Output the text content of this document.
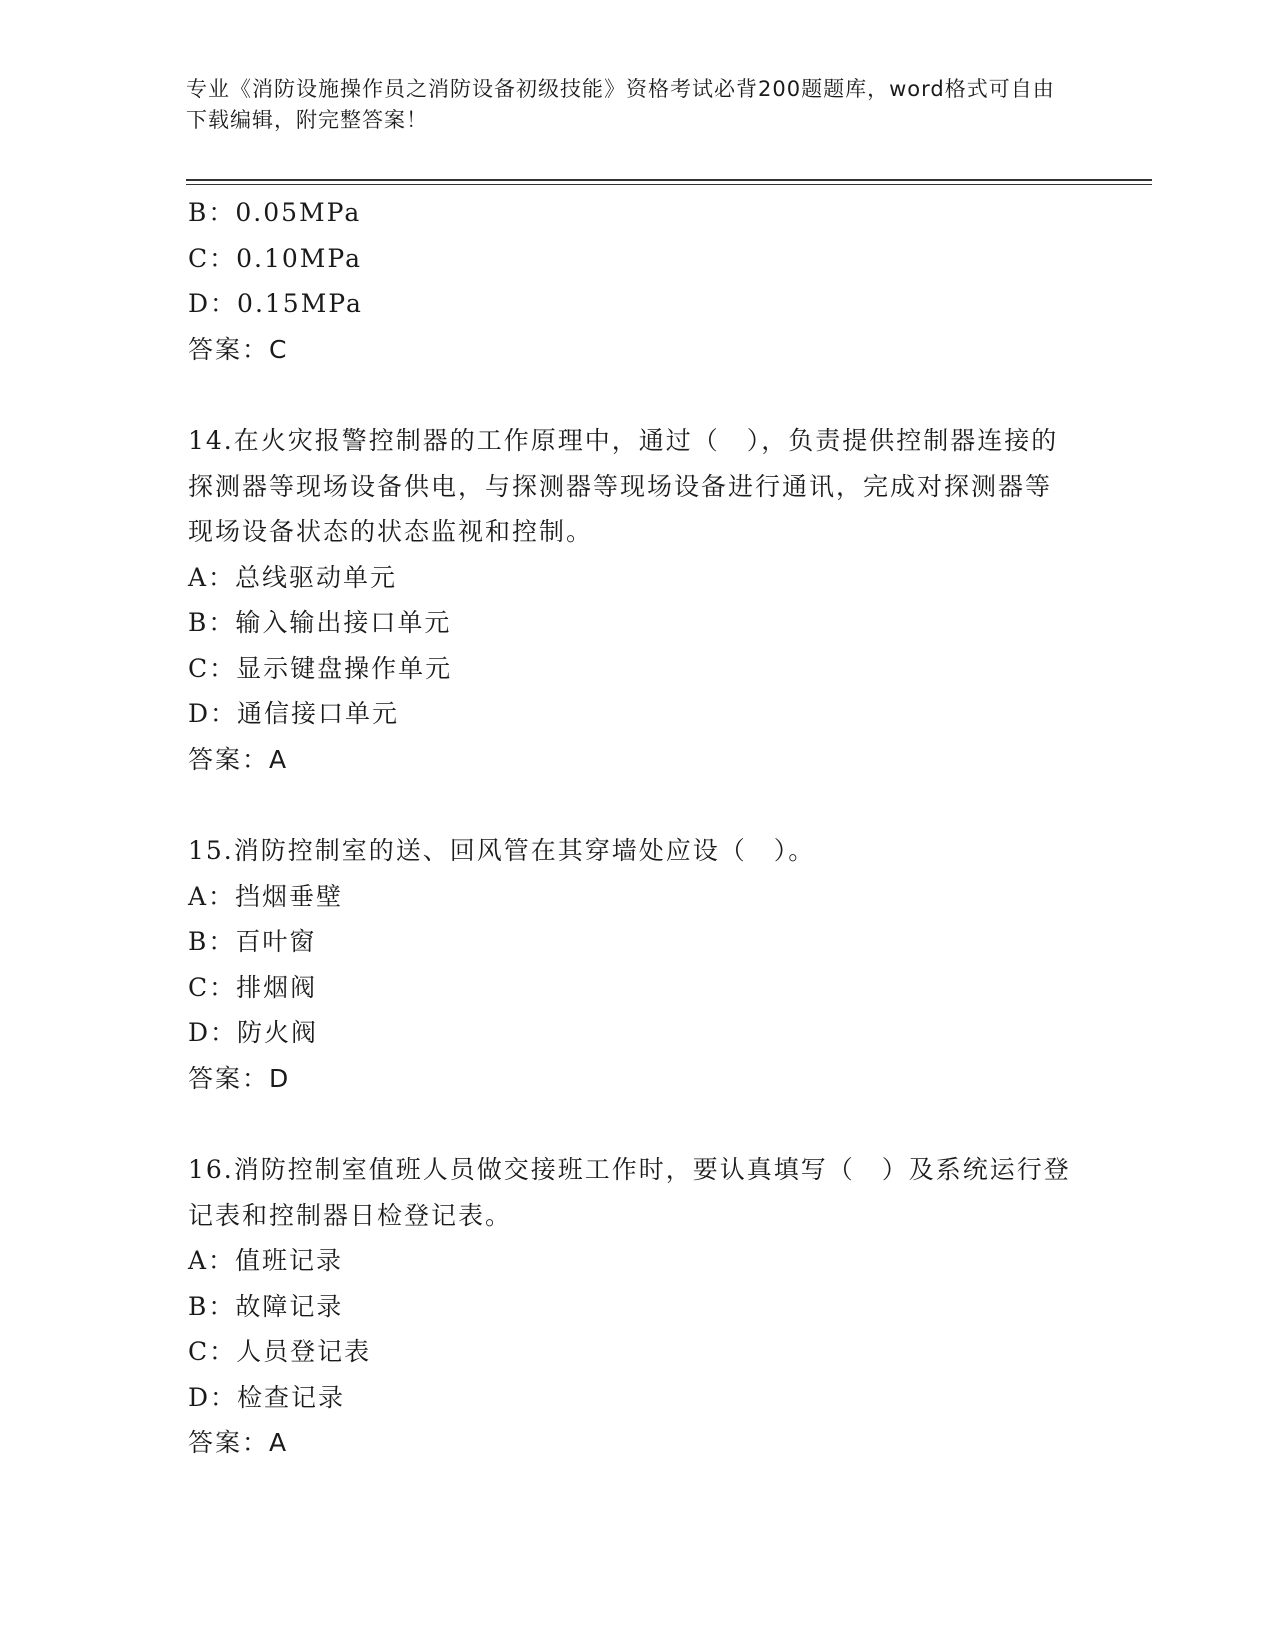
专业《消防设施操作员之消防设备初级技能》资格考试必背200题题库，word格式可自由下载编辑，附完整答案！
B：0.05MPa
C：0.10MPa
D：0.15MPa
答案：C
14.在火灾报警控制器的工作原理中，通过（　），负责提供控制器连接的探测器等现场设备供电，与探测器等现场设备进行通讯，完成对探测器等现场设备状态的状态监视和控制。
A：总线驱动单元
B：输入输出接口单元
C：显示键盘操作单元
D：通信接口单元
答案：A
15.消防控制室的送、回风管在其穿墙处应设（　）。
A：挡烟垂壁
B：百叶窗
C：排烟阀
D：防火阀
答案：D
16.消防控制室值班人员做交接班工作时，要认真填写（　）及系统运行登记表和控制器日检登记表。
A：值班记录
B：故障记录
C：人员登记表
D：检查记录
答案：A
